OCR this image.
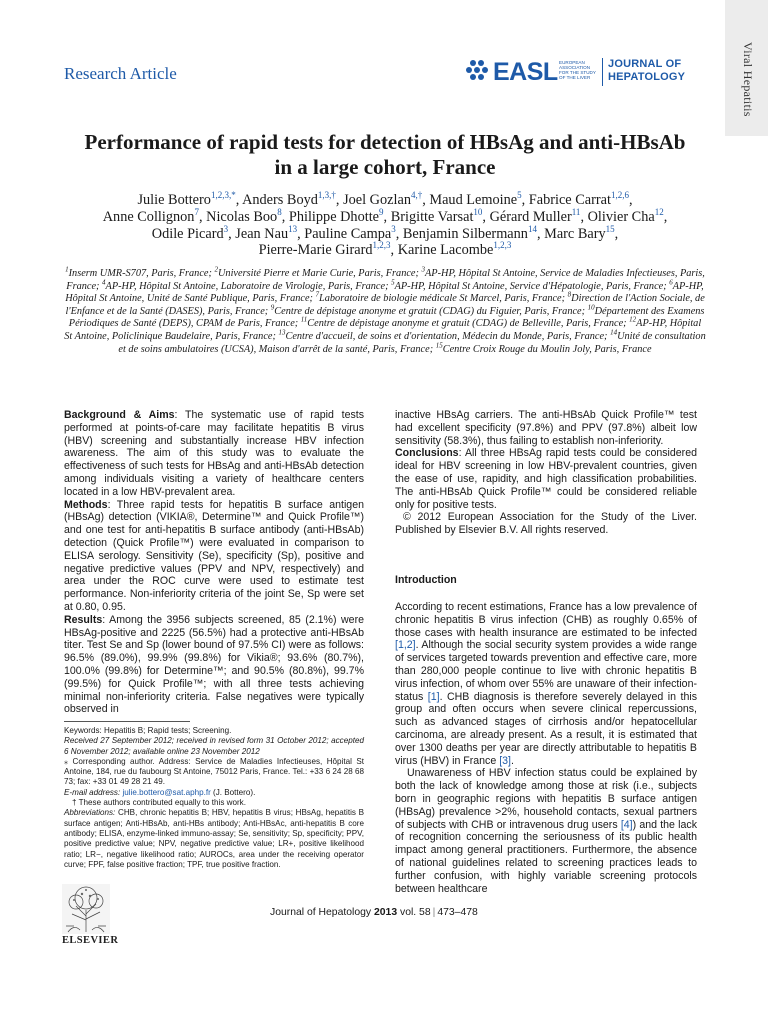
Viral Hepatitis
Research Article	EASL EUROPEAN ASSOCIATION FOR THE STUDY OF THE LIVER
JOURNAL OF
HEPATOLOGY
Performance of rapid tests for detection of HBsAg and anti-HBsAb
in a large cohort, France
Julie Bottero$^{1,2,3,*}$, Anders Boyd$^{1,3,\dagger}$, Joel Gozlan$^{4,\dagger}$, Maud Lemoine$^5$, Fabrice Carrat$^{1,2,6}$,
Anne Collignon$^7$, Nicolas Boo$^8$, Philippe Dhotte$^9$, Brigitte Varsat$^{10}$, Gérard Muller$^{11}$, Olivier Cha$^{12}$,
Odile Picard$^3$, Jean Nau$^{13}$, Pauline Campa$^3$, Benjamin Silbermann$^{14}$, Marc Bary$^{15}$,
Pierre-Marie Girard$^{1,2,3}$, Karine Lacombe$^{1,2,3}$
$^1$Inserm UMR-S707, Paris, France; $^2$Université Pierre et Marie Curie, Paris, France; $^3$AP-HP, Hôpital St Antoine, Service de Maladies Infectieuses, Paris, France; $^4$AP-HP, Hôpital St Antoine, Laboratoire de Virologie, Paris, France; $^5$AP-HP, Hôpital St Antoine, Service d'Hépatologie, Paris, France; $^6$AP-HP, Hôpital St Antoine, Unité de Santé Publique, Paris, France; $^7$Laboratoire de biologie médicale St Marcel, Paris, France; $^8$Direction de l'Action Sociale, de l'Enfance et de la Santé (DASES), Paris, France; $^9$Centre de dépistage anonyme et gratuit (CDAG) du Figuier, Paris, France; $^{10}$Département des Examens Périodiques de Santé (DEPS), CPAM de Paris, France; $^{11}$Centre de dépistage anonyme et gratuit (CDAG) de Belleville, Paris, France; $^{12}$AP-HP, Hôpital St Antoine, Policlinique Baudelaire, Paris, France; $^{13}$Centre d'accueil, de soins et d'orientation, Médecin du Monde, Paris, France; $^{14}$Unité de consultation et de soins ambulatoires (UCSA), Maison d'arrêt de la santé, Paris, France; $^{15}$Centre Croix Rouge du Moulin Joly, Paris, France

Background & Aims: The systematic use of rapid tests performed at points-of-care may facilitate hepatitis B virus (HBV) screening and substantially increase HBV infection awareness. The aim of this study was to evaluate the effectiveness of such tests for HBsAg and anti-HBsAb detection among individuals visiting a variety of healthcare centers located in a low HBV-prevalent area.

Methods: Three rapid tests for hepatitis B surface antigen (HBsAg) detection (VIKIA®, Determine™ and Quick Profile™) and one test for anti-hepatitis B surface antibody (anti-HBsAb) detection (Quick Profile™) were evaluated in comparison to ELISA serology. Sensitivity (Se), specificity (Sp), positive and negative predictive values (PPV and NPV, respectively) and area under the ROC curve were used to estimate test performance. Non-inferiority criteria of the joint Se, Sp were set at 0.80, 0.95.

Results: Among the 3956 subjects screened, 85 (2.1%) were HBsAg-positive and 2225 (56.5%) had a protective anti-HBsAb titer. Test Se and Sp (lower bound of 97.5% CI) were as follows: 96.5% (89.0%), 99.9% (99.8%) for Vikia®; 93.6% (80.7%), 100.0% (99.8%) for Determine™; and 90.5% (80.8%), 99.7% (99.5%) for Quick Profile™; with all three tests achieving minimal non-inferiority criteria. False negatives were typically observed in

inactive HBsAg carriers. The anti-HBsAb Quick Profile™ test had excellent specificity (97.8%) and PPV (97.8%) albeit low sensitivity (58.3%), thus failing to establish non-inferiority.

Conclusions: All three HBsAg rapid tests could be considered ideal for HBV screening in low HBV-prevalent countries, given the ease of use, rapidity, and high classification probabilities. The anti-HBsAb Quick Profile™ could be considered reliable only for positive tests.

© 2012 European Association for the Study of the Liver. Published by Elsevier B.V. All rights reserved.

Introduction

According to recent estimations, France has a low prevalence of chronic hepatitis B virus infection (CHB) as roughly 0.65% of those cases with health insurance are estimated to be infected [1,2]. Although the social security system provides a wide range of services targeted towards prevention and effective care, more than 280,000 people continue to live with chronic hepatitis B virus infection, of whom over 55% are unaware of their infection-status [1]. CHB diagnosis is therefore severely delayed in this group and often occurs when severe clinical repercussions, such as advanced stages of cirrhosis and/or hepatocellular carcinoma, are already present. As a result, it is estimated that over 1300 deaths per year are directly attributable to hepatitis B virus (HBV) in France [3].

Unawareness of HBV infection status could be explained by both the lack of knowledge among those at risk (i.e., subjects born in geographic regions with hepatitis B surface antigen (HBsAg) prevalence >2%, household contacts, sexual partners of subjects with CHB or intravenous drug users [4]) and the lack of recognition concerning the seriousness of its public health impact among general practitioners. Furthermore, the absence of national guidelines related to screening practices leads to further confusion, with highly variable screening protocols between healthcare

Keywords: Hepatitis B; Rapid tests; Screening.

Received 27 September 2012; received in revised form 31 October 2012; accepted 6 November 2012; available online 23 November 2012

⁎ Corresponding author. Address: Service de Maladies Infectieuses, Hôpital St Antoine, 184, rue du faubourg St Antoine, 75012 Paris, France. Tel.: +33 6 24 28 68 73; fax: +33 01 49 28 21 49.

E-mail address: julie.bottero@sat.aphp.fr (J. Bottero).

† These authors contributed equally to this work.

Abbreviations: CHB, chronic hepatitis B; HBV, hepatitis B virus; HBsAg, hepatitis B surface antigen; Anti-HBsAb, anti-HBs antibody; Anti-HBsAc, anti-hepatitis B core antibody; ELISA, enzyme-linked immuno-assay; Se, sensitivity; Sp, specificity; PPV, positive predictive value; NPV, negative predictive value; LR+, positive likelihood ratio; LR−, negative likelihood ratio; AUROCs, area under the receiving operator curve; FPF, false positive fraction; TPF, true positive fraction.

ELSEVIER
Journal of Hepatology 2013 vol. 58 | 473–478
